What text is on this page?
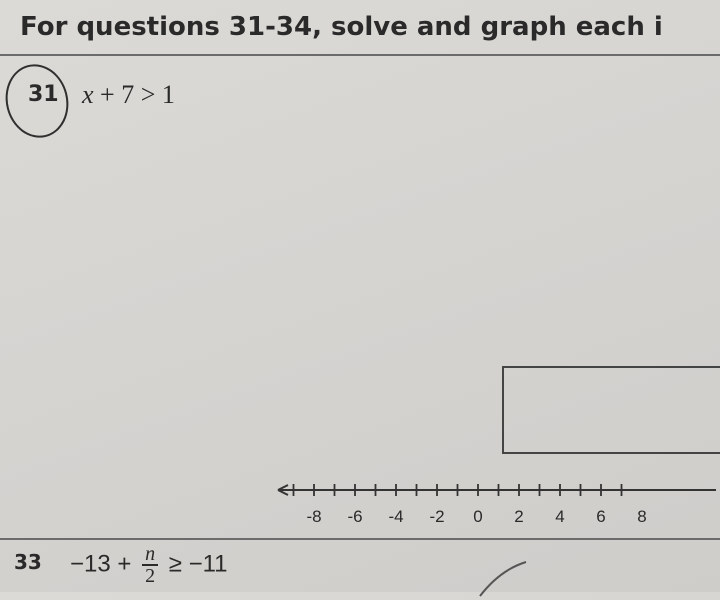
For questions 31-34, solve and graph each i
31 x + 7 > 1
-8 -6 -4 -2 0 2 4 6 8
$33 -13 + \frac{n}{2} \ge -11$
